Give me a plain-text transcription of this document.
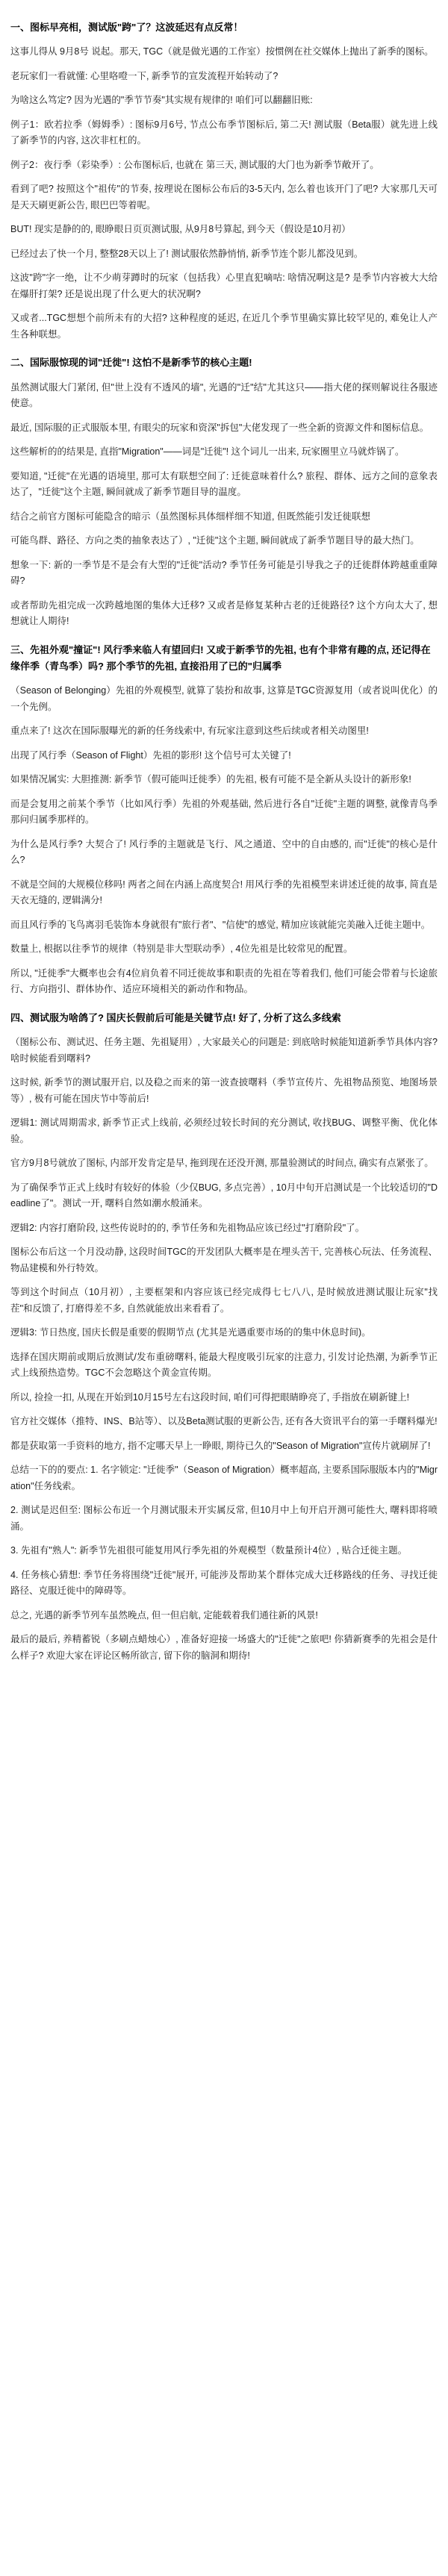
一、图标早亮相，测试版"跨"了？这波延迟有点反常！

这事儿得从 9月8号 说起。那天, TGC（就是做光遇的工作室）按惯例在社交媒体上抛出了新季的图标。

老玩家们一看就懂: 心里咯噔一下, 新季节的宣发流程开始转动了?

为啥这么笃定? 因为光遇的"季节节奏"其实规有规律的! 咱们可以翻翻旧账:

例子1：欧若拉季（姆姆季）: 图标9月6号, 节点公布季节图标后, 第二天! 测试服（Beta服）就先进上线了新季节的内容, 这次非杠杠的。

例子2：夜行季（彩染季）: 公布图标后, 也就在 第三天, 测试服的大门也为新季节敞开了。

看到了吧? 按照这个"祖传"的节奏, 按理说在图标公布后的3-5天内, 怎么着也该开门了吧? 大家那几天可是天天刷更新公告, 眼巴巴等着呢。

BUT! 现实是静的的, 眼睁眼日页页测试服, 从9月8号算起, 到今天（假设是10月初）

已经过去了快一个月, 整整28天以上了! 测试服依然静悄悄, 新季节连个影儿都没见到。

这波"跨"字一绝，让不少萌芽蹲时的玩家（包括我）心里直犯嘀咕: 啥情况啊这是? 是季节内容被大大给在爆肝打架? 还是说出现了什么更大的状况啊?

又或者...TGC想想个前所未有的大招? 这种程度的延迟, 在近几个季节里确实算比较罕见的, 难免让人产生各种联想。

二、国际服惊现的词"迁徙"! 这怕不是新季节的核心主题!

虽然测试服大门紧闭, 但"世上没有不透风的墙", 光遇的"迁"结"尤其这只——指大佬的探则解说往各服迹使意。

最近, 国际服的正式服版本里, 有眼尖的玩家和资深"拆包"大佬发现了一些全新的资源文件和图标信息。

这些解析的的结果是, 直指"Migration"——词是"迁徙"! 这个词儿一出来, 玩家圈里立马就炸锅了。

要知道, "迁徙"在光遇的语境里, 那可太有联想空间了: 迁徙意味着什么? 旅程、群体、远方之间的意象表达了，"迁徙"这个主题, 瞬间就成了新季节题目导的温度。

结合之前官方图标可能隐含的暗示（虽然图标具体细样细不知道, 但既然能引发迁徙联想

可能鸟群、路径、方向之类的抽象表达了）, "迁徙"这个主题, 瞬间就成了新季节题目导的最大热门。

想象一下: 新的一季节是不是会有大型的"迁徙"活动? 季节任务可能是引导我之子的迁徙群体跨越重重障碍?

或者帮助先祖完成一次跨越地图的集体大迁移? 又或者是修复某种古老的迁徙路径? 这个方向太大了, 想想就让人期待!

三、先祖外观"撞证"! 风行季来临人有望回归! 又或于新季节的先祖, 也有个非常有趣的点, 还记得在 缘伴季（青鸟季）吗? 那个季节的先祖, 直接沿用了已的"归属季

（Season of Belonging）先祖的外观模型, 就算了装扮和故事, 这算是TGC资源复用（或者说叫优化）的一个先例。

重点来了! 这次在国际服曝光的新的任务线索中, 有玩家注意到这些后续或者相关动图里!

出现了风行季（Season of Flight）先祖的影形! 这个信号可太关键了!

如果情况属实: 大胆推测: 新季节（假可能叫迁徙季）的先祖, 极有可能不是全新从头设计的新形象!

而是会复用之前某个季节（比如风行季）先祖的外观基础, 然后进行各自"迁徙"主题的调整, 就像青鸟季那问归属季那样的。

为什么是风行季? 大契合了! 风行季的主题就是飞行、风之通道、空中的自由感的, 而"迁徙"的核心是什么?

不就是空间的大规模位移吗! 两者之间在内涵上高度契合! 用风行季的先祖模型来讲述迁徙的故事, 简直是天衣无缝的, 逻辑满分!

而且风行季的飞鸟离羽毛装饰本身就很有"旅行者"、"信使"的感觉, 精加应该就能完美融入迁徙主题中。

数量上, 根据以往季节的规律（特别是非大型联动季）, 4位先祖是比较常见的配置。

所以, "迁徙季"大概率也会有4位肩负着不同迁徙故事和职责的先祖在等着我们, 他们可能会带着与长途旅行、方向指引、群体协作、适应环境相关的新动作和物品。

四、测试服为啥鸽了? 国庆长假前后可能是关键节点! 好了, 分析了这么多线索

（图标公布、测试迟、任务主题、先祖疑用）, 大家最关心的问题是: 到底啥时候能知道新季节具体内容? 啥时候能看到曙料?

这时候, 新季节的测试服开启, 以及稳之而来的第一波查披曙料（季节宣传片、先祖物品预览、地图场景等）, 极有可能在国庆节中等前后!

逻辑1: 测试周期需求, 新季节正式上线前, 必须经过较长时间的充分测试, 收找BUG、调整平衡、优化体验。

官方9月8号就放了图标, 内部开发肯定是早, 拖到现在还没开测, 那量验测试的时间点, 确实有点紧张了。

为了确保季节正式上线时有较好的体验（少仅BUG, 多点完善）, 10月中旬开启测试是一个比较适切的"Deadline了"。测试一开, 曙料自然如潮水般涌来。

逻辑2: 内容打磨阶段, 这些传说时的的, 季节任务和先祖物品应该已经过"打磨阶段"了。

图标公布后这一个月没动静, 这段时间TGC的开发团队大概率是在埋头苦干, 完善核心玩法、任务流程、物品建模和外行特效。

等到这个时间点（10月初）, 主要框架和内容应该已经完成得七七八八, 是时候放进测试服让玩家"找茬"和反馈了, 打磨得差不多, 自然就能放出来看看了。

逻辑3: 节日热度, 国庆长假是重要的假期节点 (尤其是光遇重要市场的的集中休息时间)。

选择在国庆期前或期后放测试/发布重磅曙料, 能最大程度吸引玩家的注意力, 引发讨论热潮, 为新季节正式上线预热造势。TGC不会忽略这个黄金宣传期。

所以, 捡捡一扣, 从现在开始到10月15号左右这段时间, 咱们可得把眼睛睁亮了, 手指放在刷新键上!

官方社交媒体（推特、INS、B站等）、以及Beta测试服的更新公告, 还有各大资讯平台的第一手曙料爆光!

都是获取第一手资料的地方, 指不定哪天早上一睁眼, 期待已久的"Season of Migration"宣传片就刷屏了!

总结一下的的要点: 1. 名字锁定: "迁徙季"（Season of Migration）概率超高, 主要系国际服版本内的"Migration"任务线索。

2. 测试是迟但至: 图标公布近一个月测试服未开实属反常, 但10月中上旬开启开测可能性大, 曙料即将喷涌。

3. 先祖有"熟人": 新季节先祖很可能复用风行季先祖的外观模型（数量预计4位）, 贴合迁徙主题。

4. 任务核心猜想: 季节任务将围绕"迁徙"展开, 可能涉及帮助某个群体完成大迁移路线的任务、寻找迁徙路径、克服迁徙中的障碍等。

总之, 光遇的新季节列车虽然晚点, 但一但启航, 定能载着我们通往新的风景!

最后的最后, 养精蓄锐（多刷点蜡烛心）, 准备好迎接一场盛大的"迁徙"之旅吧! 你猜新赛季的先祖会是什么样子? 欢迎大家在评论区畅所欲言, 留下你的脑洞和期待!
